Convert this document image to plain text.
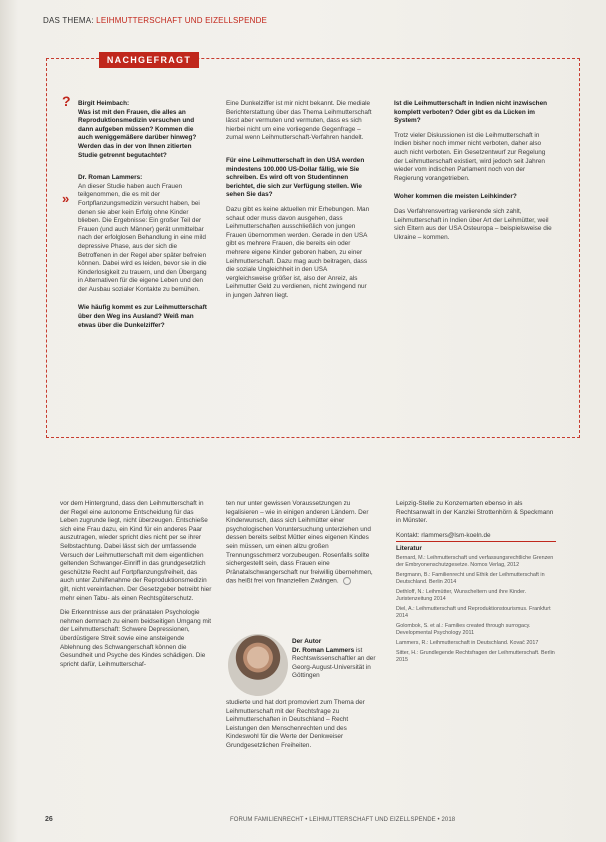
DAS THEMA: LEIHMUTTERSCHAFT UND EIZELLSPENDE
NACHGEFRAGT
? Birgit Heimbach:
Was ist mit den Frauen, die alles an Reproduktionsmedizin versuchen und dann aufgeben müssen? Kommen die auch weniggemäßere darüber hinweg? Werden das in der von Ihnen zitierten Studie getrennt begutachtet?

Dr. Roman Lammers:
An dieser Studie haben auch Frauen teilgenommen, die es mit der Fortpflanzungsmedizin versucht haben, bei denen sie aber kein Erfolg ohne Kinder blieben. Die Ergebnisse: Ein großer Teil der Frauen (und auch Männer) gerät unmittelbar nach der erfolglosen Behandlung in eine mild depressive Phase, aus der sich die Betroffenen in der Regel aber später befreien können. Dabei wird es leiden, bevor sie in die Kinderlosigkeit zu trauern, und den Übergang in Alternativen für die eigene Leben und den der Ausbau sozialer Kontakte zu bemühen.

Wie häufig kommt es zur Leihmutterschaft über den Weg ins Ausland? Weiß man etwas über die Dunkelziffer?

»

Eine Dunkelziffer ist mir nicht bekannt. Die mediale Berichterstattung über das Thema Leihmutterschaft lässt aber vermuten und vermuten, dass es sich hierbei nicht um eine vorliegende Gegenfrage – zumal wenn Leihmutterschaft-Verfahren handelt.

Für eine Leihmutterschaft in den USA werden mindestens 100.000 US-Dollar fällig, wie Sie schreiben. Es wird oft von Studentinnen berichtet, die sich zur Verfügung stellen. Wie sehen Sie das?

Dazu gibt es keine aktuellen mir Erhebungen. Man schaut oder muss davon ausgehen, dass Leihmutterschaften ausschließlich von jungen Frauen übernommen werden. Gerade in den USA gibt es mehrere Frauen, die bereits ein oder mehrere eigene Kinder geboren haben, zu einer Leihmutterschaft. Dazu mag auch beitragen, dass die soziale Ungleichheit in den USA vergleichsweise größer ist, also der Anreiz, als Leihmutter Geld zu verdienen, nicht zwingend nur in jungen Jahren liegt.

Ist die Leihmutterschaft in Indien nicht inzwischen komplett verboten? Oder gibt es da Lücken im System?

Trotz vieler Diskussionen ist die Leihmutterschaft in Indien bisher noch immer nicht verboten, daher also auch nicht verboten. Ein Gesetzentwurf zur Regelung der Leihmutterschaft existiert, wird jedoch seit Jahren wieder vom indischen Parlament noch von der Regierung vorangetrieben.

Woher kommen die meisten Leihkinder?

Das Verfahrensvertrag variierende sich zahlt, Leihmutterschaft in Indien über Art der Leihmütter, weil sich Eltern aus der USA Osteuropa – beispielsweise die Ukraine – kommen.

vor dem Hintergrund, dass den Leihmutterschaft in der Regel eine autonome Entscheidung für das Leben zugrunde liegt, nicht überzeugen. Entschieße sich eine Frau dazu, ein Kind für ein anderes Paar auszutragen, wieder spricht dies nicht per se ihrer Selbstachtung. Dabei lässt sich der umfassende Versuch der Leihmutterschaft mit dem eigentlichen geltenden Schwanger-Einriff in das grundgesetzlich geschützte Recht auf Fortpflanzungsfreiheit, das auch unter Zuhilfenahme der Reproduktionsmedizin gilt, nicht vereinfachen. Der Gesetzgeber betreibt hier mehr einen Tabu- als einen Rechtsgüterschutz.

Die Erkenntnisse aus der pränatalen Psychologie nehmen demnach zu einem beidseitigen Umgang mit der Leihmutterschaft: Schwere Depressionen, überdüstigere Streit sowie eine ansteigende Ablehnung des Schwangerschaft können die Gesundheit und Psyche des Kindes schädigen. Die spricht dafür, Leihmutterschaf-

ten nur unter gewissen Voraussetzungen zu legalisieren – wie in einigen anderen Ländern. Der Kinderwunsch, dass sich Leihmütter einer psychologischen Voruntersuchung unterziehen und dessen bereits selbst Mütter eines eigenen Kindes sein müssen, um einen allzu großen Trennungsschmerz vorzubeugen. Rosenfalls sollte sichergestellt sein, dass Frauen eine Pränatalschwangerschaft nur freiwillig übernehmen, das heißt frei von finanziellen Zwängen.

Leipzig-Stelle zu Konzernarten ebenso in als Rechtsanwalt in der Kanzlei Strottenhörn & Speckmann in Münster.

Kontakt: rlammers@lsm-koeln.de

Der Autor

Dr. Roman Lammers ist Rechtswissenschaftler an der Georg-August-Universität in Göttingen

studierte und hat dort promoviert zum Thema der Leihmutterschaft mit der Rechtsfrage zu Leihmutterschaften in Deutschland – Recht Leistungen den Menschenrechten und des Kindeswohl für die Werte der Denkweiser Grundgesetzlichen Freiheiten.

Literatur

Bernard, M.: Leihmutterschaft und verfassungsrechtliche Grenzen der Embryonenschutzgesetze. Nomos Verlag, 2012

Bergmann, B.: Familienrecht und Ethik der Leihmutterschaft in Deutschland. Berlin 2014

Dethloff, N.: Leihmütter, Wunscheltern und ihre Kinder. Juristenzeitung 2014

Diel, A.: Leihmutterschaft und Reproduktionstourismus. Frankfurt 2014

Golombok, S. et al.: Families created through surrogacy. Developmental Psychology 2011

Lammers, R.: Leihmutterschaft in Deutschland. Kovač 2017

Sitter, H.: Grundlegende Rechtsfragen der Leihmutterschaft. Berlin 2015

26	FORUM FAMILIENRECHT • LEIHMUTTERSCHAFT UND EIZELLSPENDE • 2018
